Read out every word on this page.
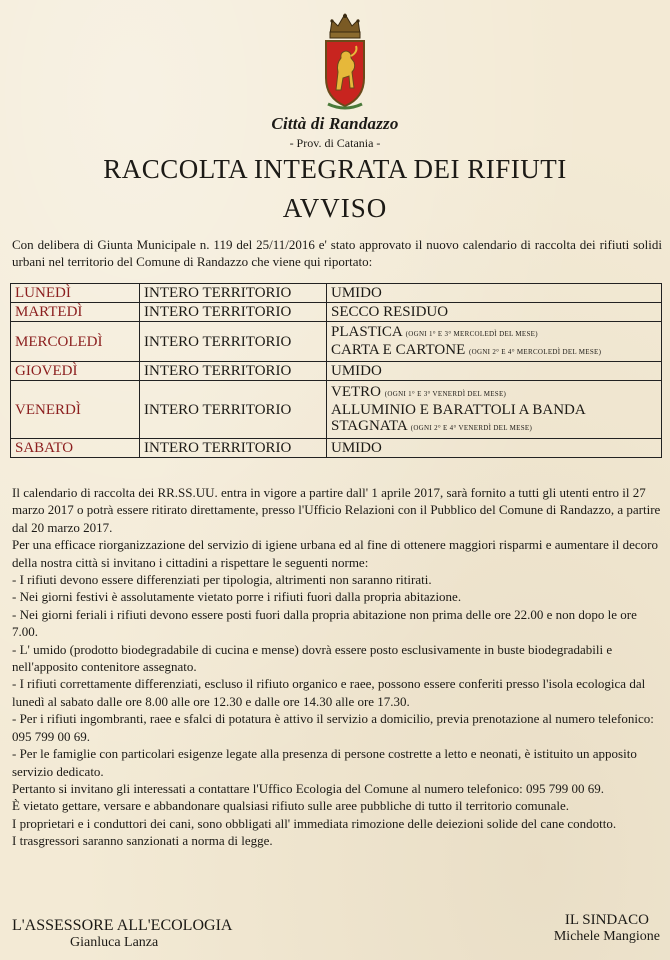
Città di Randazzo
- Prov. di Catania -
RACCOLTA INTEGRATA DEI RIFIUTI
AVVISO
Con delibera di Giunta Municipale n. 119 del 25/11/2016 e' stato approvato il nuovo calendario di raccolta dei rifiuti solidi urbani nel territorio del Comune di Randazzo che viene qui riportato:
LUNEDÌ	INTERO TERRITORIO	UMIDO
MARTEDÌ	INTERO TERRITORIO	SECCO RESIDUO
MERCOLEDÌ	INTERO TERRITORIO	PLASTICA (OGNI 1° E 3° MERCOLEDÌ DEL MESE)
CARTA E CARTONE (OGNI 2° E 4° MERCOLEDÌ DEL MESE)

GIOVEDÌ	INTERO TERRITORIO	UMIDO
VENERDÌ	INTERO TERRITORIO	VETRO (OGNI 1° E 3° VENERDÌ DEL MESE)
ALLUMINIO E BARATTOLI A BANDA
STAGNATA (OGNI 2° E 4° VENERDÌ DEL MESE)

SABATO	INTERO TERRITORIO	UMIDO

Il calendario di raccolta dei RR.SS.UU. entra in vigore a partire dall' 1 aprile 2017, sarà fornito a tutti gli utenti entro il 27 marzo 2017 o potrà essere ritirato direttamente, presso l'Ufficio Relazioni con il Pubblico del Comune di Randazzo, a partire dal 20 marzo 2017.

Per una efficace riorganizzazione del servizio di igiene urbana ed al fine di ottenere maggiori risparmi e aumentare il decoro della nostra città si invitano i cittadini a rispettare le seguenti norme:

- I rifiuti devono essere differenziati per tipologia, altrimenti non saranno ritirati.

- Nei giorni festivi è assolutamente vietato porre i rifiuti fuori dalla propria abitazione.

- Nei giorni feriali i rifiuti devono essere posti fuori dalla propria abitazione non prima delle ore 22.00 e non dopo le ore 7.00.

- L' umido (prodotto biodegradabile di cucina e mense) dovrà essere posto esclusivamente in buste biodegradabili e nell'apposito contenitore assegnato.

- I rifiuti correttamente differenziati, escluso il rifiuto organico e raee, possono essere conferiti presso l'isola ecologica dal lunedì al sabato dalle ore 8.00 alle ore 12.30 e dalle ore 14.30 alle ore 17.30.

- Per i rifiuti ingombranti, raee e sfalci di potatura è attivo il servizio a domicilio, previa prenotazione al numero telefonico: 095 799 00 69.

- Per le famiglie con particolari esigenze legate alla presenza di persone costrette a letto e neonati, è istituito un apposito servizio dedicato.

Pertanto si invitano gli interessati a contattare l'Uffico Ecologia del Comune al numero telefonico: 095 799 00 69.

È vietato gettare, versare e abbandonare qualsiasi rifiuto sulle aree pubbliche di tutto il territorio comunale.

I proprietari e i conduttori dei cani, sono obbligati all' immediata rimozione delle deiezioni solide del cane condotto.

I trasgressori saranno sanzionati a norma di legge.

L'ASSESSORE ALL'ECOLOGIA
Gianluca Lanza
IL SINDACO
Michele Mangione
